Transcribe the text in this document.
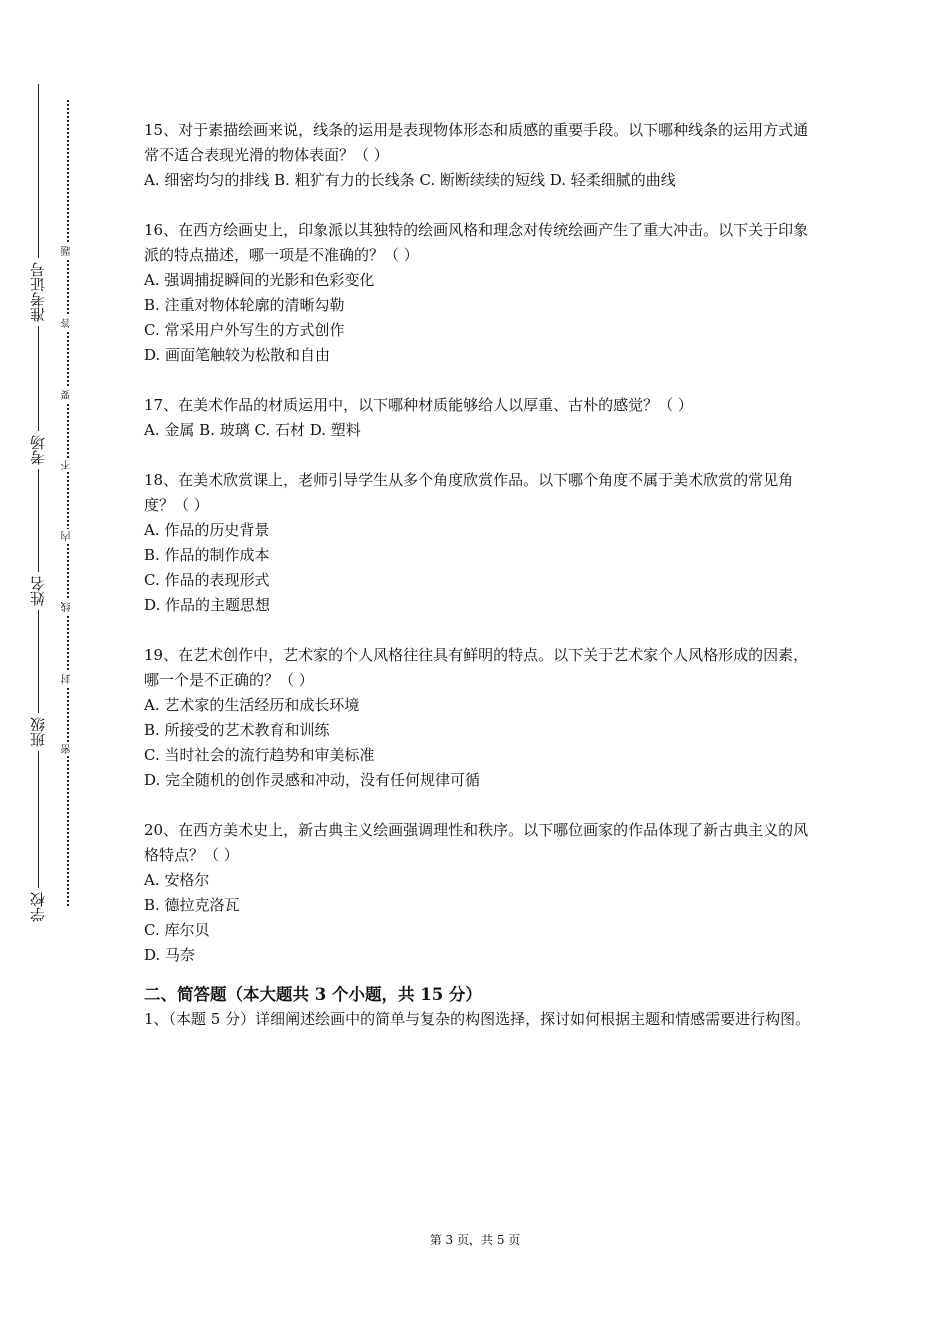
准考证号
考场
姓名
班级
学校
题
答
要
不
内
线
封
密

15、对于素描绘画来说，线条的运用是表现物体形态和质感的重要手段。以下哪种线条的运用方式通常不适合表现光滑的物体表面？（ ）

A. 细密均匀的排线 B. 粗犷有力的长线条 C. 断断续续的短线 D. 轻柔细腻的曲线

16、在西方绘画史上，印象派以其独特的绘画风格和理念对传统绘画产生了重大冲击。以下关于印象派的特点描述，哪一项是不准确的？（ ）

A. 强调捕捉瞬间的光影和色彩变化

B. 注重对物体轮廓的清晰勾勒

C. 常采用户外写生的方式创作

D. 画面笔触较为松散和自由

17、在美术作品的材质运用中，以下哪种材质能够给人以厚重、古朴的感觉？（ ）

A. 金属 B. 玻璃 C. 石材 D. 塑料

18、在美术欣赏课上，老师引导学生从多个角度欣赏作品。以下哪个角度不属于美术欣赏的常见角度？（ ）

A. 作品的历史背景

B. 作品的制作成本

C. 作品的表现形式

D. 作品的主题思想

19、在艺术创作中，艺术家的个人风格往往具有鲜明的特点。以下关于艺术家个人风格形成的因素，哪一个是不正确的？（ ）

A. 艺术家的生活经历和成长环境

B. 所接受的艺术教育和训练

C. 当时社会的流行趋势和审美标准

D. 完全随机的创作灵感和冲动，没有任何规律可循

20、在西方美术史上，新古典主义绘画强调理性和秩序。以下哪位画家的作品体现了新古典主义的风格特点？（ ）

A. 安格尔

B. 德拉克洛瓦

C. 库尔贝

D. 马奈

二、简答题（本大题共 3 个小题，共 15 分）

1、（本题 5 分）详细阐述绘画中的简单与复杂的构图选择，探讨如何根据主题和情感需要进行构图。

第 3 页，共 5 页
